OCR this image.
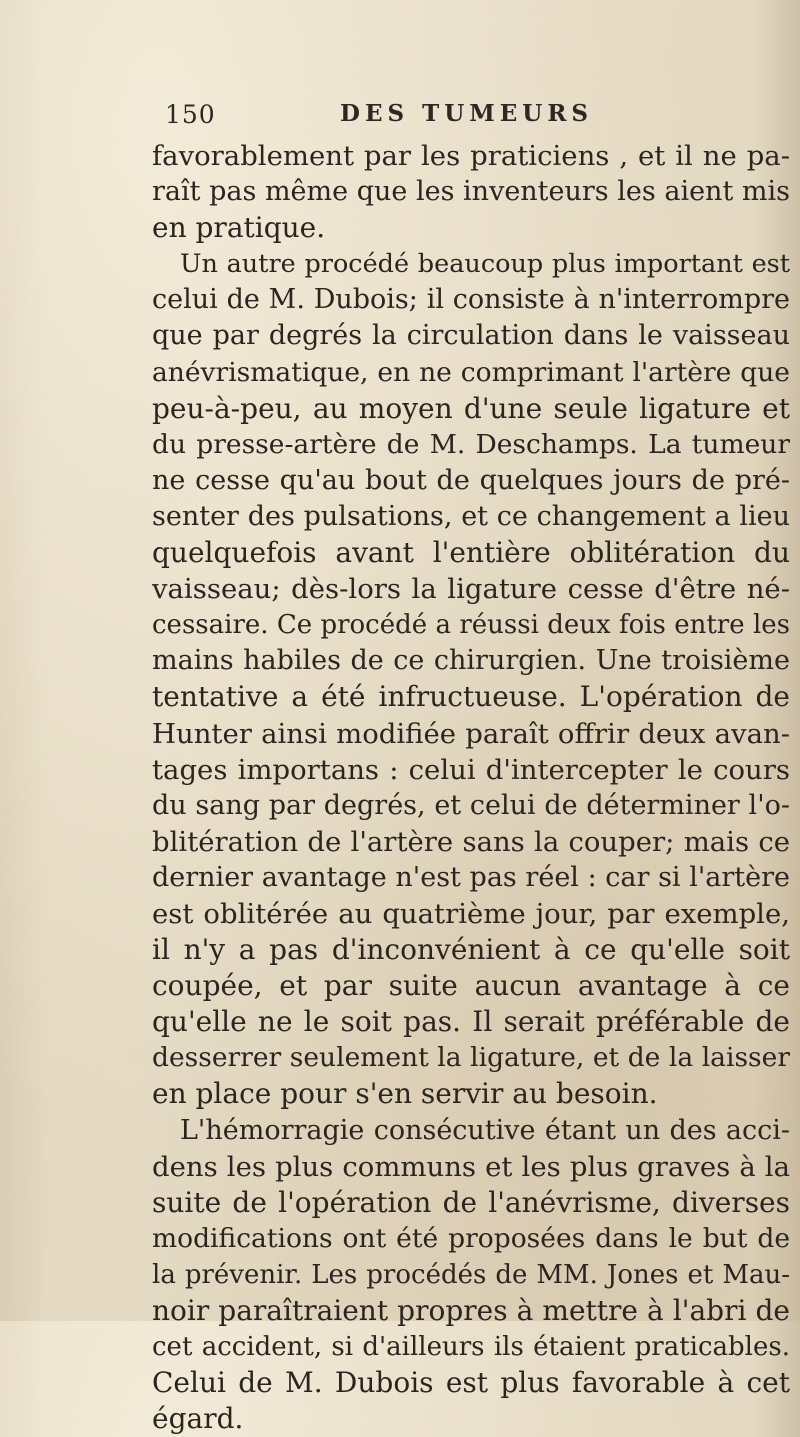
150	DES TUMEURS
favorablement par les praticiens , et il ne pa-
raît pas même que les inventeurs les aient mis
en pratique.
Un autre procédé beaucoup plus important est
celui de M. Dubois; il consiste à n'interrompre
que par degrés la circulation dans le vaisseau
anévrismatique, en ne comprimant l'artère que
peu-à-peu, au moyen d'une seule ligature et
du presse-artère de M. Deschamps. La tumeur
ne cesse qu'au bout de quelques jours de pré-
senter des pulsations, et ce changement a lieu
quelquefois avant l'entière oblitération du
vaisseau; dès-lors la ligature cesse d'être né-
cessaire. Ce procédé a réussi deux fois entre les
mains habiles de ce chirurgien. Une troisième
tentative a été infructueuse. L'opération de
Hunter ainsi modifiée paraît offrir deux avan-
tages importans : celui d'intercepter le cours
du sang par degrés, et celui de déterminer l'o-
blitération de l'artère sans la couper; mais ce
dernier avantage n'est pas réel : car si l'artère
est oblitérée au quatrième jour, par exemple,
il n'y a pas d'inconvénient à ce qu'elle soit
coupée, et par suite aucun avantage à ce
qu'elle ne le soit pas. Il serait préférable de
desserrer seulement la ligature, et de la laisser
en place pour s'en servir au besoin.
L'hémorragie consécutive étant un des acci-
dens les plus communs et les plus graves à la
suite de l'opération de l'anévrisme, diverses
modifications ont été proposées dans le but de
la prévenir. Les procédés de MM. Jones et Mau-
noir paraîtraient propres à mettre à l'abri de
cet accident, si d'ailleurs ils étaient praticables.
Celui de M. Dubois est plus favorable à cet
égard.
